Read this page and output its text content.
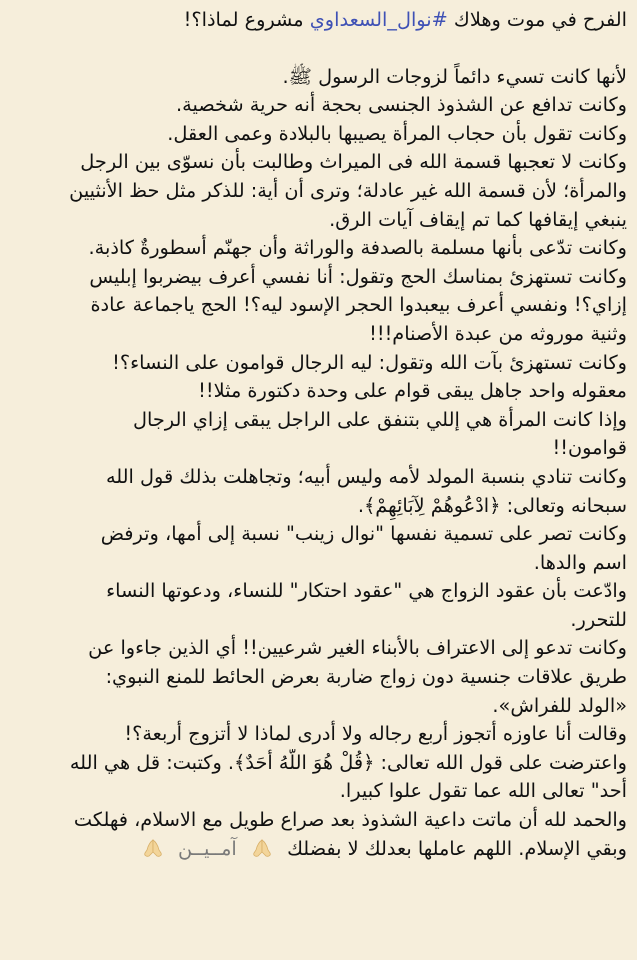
الفرح في موت وهلاك #نوال_السعداوي مشروع لماذا؟!
لأنها كانت تسيء دائماً لزوجات الرسول ﷺ.
وكانت تدافع عن الشذوذ الجنسى بحجة أنه حرية شخصية.
وكانت تقول بأن حجاب المرأة يصيبها بالبلادة وعمى العقل.
وكانت لا تعجبها قسمة الله فى الميراث وطالبت بأن نسوّى بين الرجل
والمرأة؛ لأن قسمة الله غير عادلة؛ وترى أن أية: للذكر مثل حظ الأنثيين
ينبغي إيقافها كما تم إيقاف آيات الرق.
وكانت تدّعى بأنها مسلمة بالصدفة والوراثة وأن جهنّم أسطورةٌ كاذبة.
وكانت تستهزئ بمناسك الحج وتقول: أنا نفسي أعرف بيضربوا إبليس
إزاي؟! ونفسي أعرف بيعبدوا الحجر الإسود ليه؟! الحج ياجماعة عادة
وثنية موروثه من عبدة الأصنام!!!
وكانت تستهزئ بآت الله وتقول: ليه الرجال قوامون على النساء؟!
معقوله واحد جاهل يبقى قوام على وحدة دكتورة مثلا!!
وإذا كانت المرأة هي إللي بتنفق على الراجل يبقى إزاي الرجال
قوامون!!
وكانت تنادي بنسبة المولد لأمه وليس أبيه؛ وتجاهلت بذلك قول الله
سبحانه وتعالى: ﴿ادْعُوهُمْ لِآبَائِهِمْ﴾.
وكانت تصر على تسمية نفسها "نوال زينب" نسبة إلى أمها، وترفض
اسم والدها.
وادّعت بأن عقود الزواج هي "عقود احتكار" للنساء، ودعوتها النساء
للتحرر.
وكانت تدعو إلى الاعتراف بالأبناء الغير شرعيين!! أي الذين جاءوا عن
طريق علاقات جنسية دون زواج ضاربة بعرض الحائط للمنع النبوي:
«الولد للفراش».
وقالت أنا عاوزه أتجوز أربع رجاله ولا أدرى لماذا لا أتزوج أربعة؟!
واعترضت على قول الله تعالى: ﴿قُلْ هُوَ اللَّهُ أَحَدٌ﴾. وكتبت: قل هي الله
أحد" تعالى الله عما تقول علوا كبيرا.
والحمد لله أن ماتت داعية الشذوذ بعد صراع طويل مع الاسلام، فهلكت
وبقي الإسلام. اللهم عاملها بعدلك لا بفضلك
آمــيــن
